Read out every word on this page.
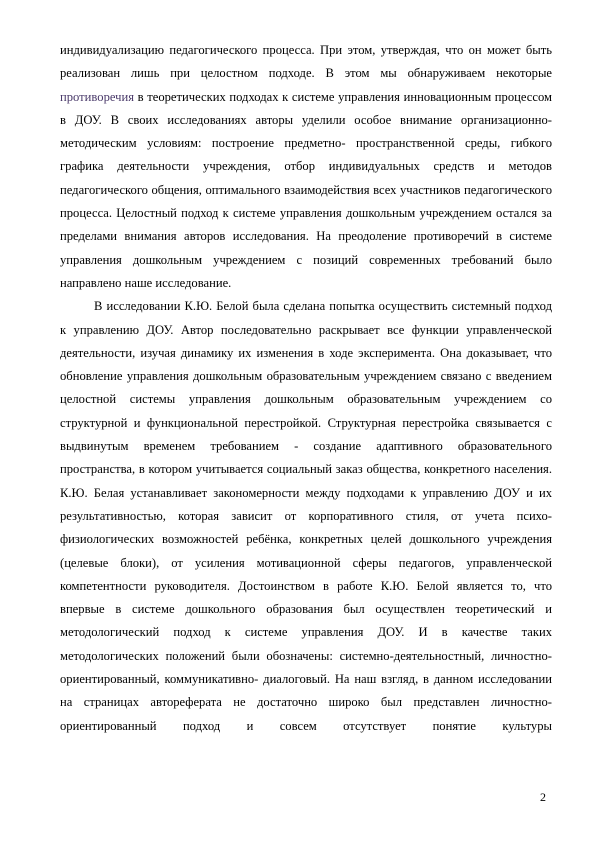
индивидуализацию педагогического процесса. При этом, утверждая, что он может быть реализован лишь при целостном подходе. В этом мы обнаруживаем некоторые противоречия в теоретических подходах к системе управления инновационным процессом в ДОУ. В своих исследованиях авторы уделили особое внимание организационно-методическим условиям: построение предметно- пространственной среды, гибкого графика деятельности учреждения, отбор индивидуальных средств и методов педагогического общения, оптимального взаимодействия всех участников педагогического процесса. Целостный подход к системе управления дошкольным учреждением остался за пределами внимания авторов исследования. На преодоление противоречий в системе управления дошкольным учреждением с позиций современных требований было направлено наше исследование.

В исследовании К.Ю. Белой была сделана попытка осуществить системный подход к управлению ДОУ. Автор последовательно раскрывает все функции управленческой деятельности, изучая динамику их изменения в ходе эксперимента. Она доказывает, что обновление управления дошкольным образовательным учреждением связано с введением целостной системы управления дошкольным образовательным учреждением со структурной и функциональной перестройкой. Структурная перестройка связывается с выдвинутым временем требованием - создание адаптивного образовательного пространства, в котором учитывается социальный заказ общества, конкретного населения. К.Ю. Белая устанавливает закономерности между подходами к управлению ДОУ и их результативностью, которая зависит от корпоративного стиля, от учета психо-физиологических возможностей ребёнка, конкретных целей дошкольного учреждения (целевые блоки), от усиления мотивационной сферы педагогов, управленческой компетентности руководителя. Достоинством в работе К.Ю. Белой является то, что впервые в системе дошкольного образования был осуществлен теоретический и методологический подход к системе управления ДОУ. И в качестве таких методологических положений были обозначены: системно-деятельностный, личностно-ориентированный, коммуникативно- диалоговый. На наш взгляд, в данном исследовании на страницах автореферата не достаточно широко был представлен личностно-ориентированный подход и совсем отсутствует понятие культуры

2
